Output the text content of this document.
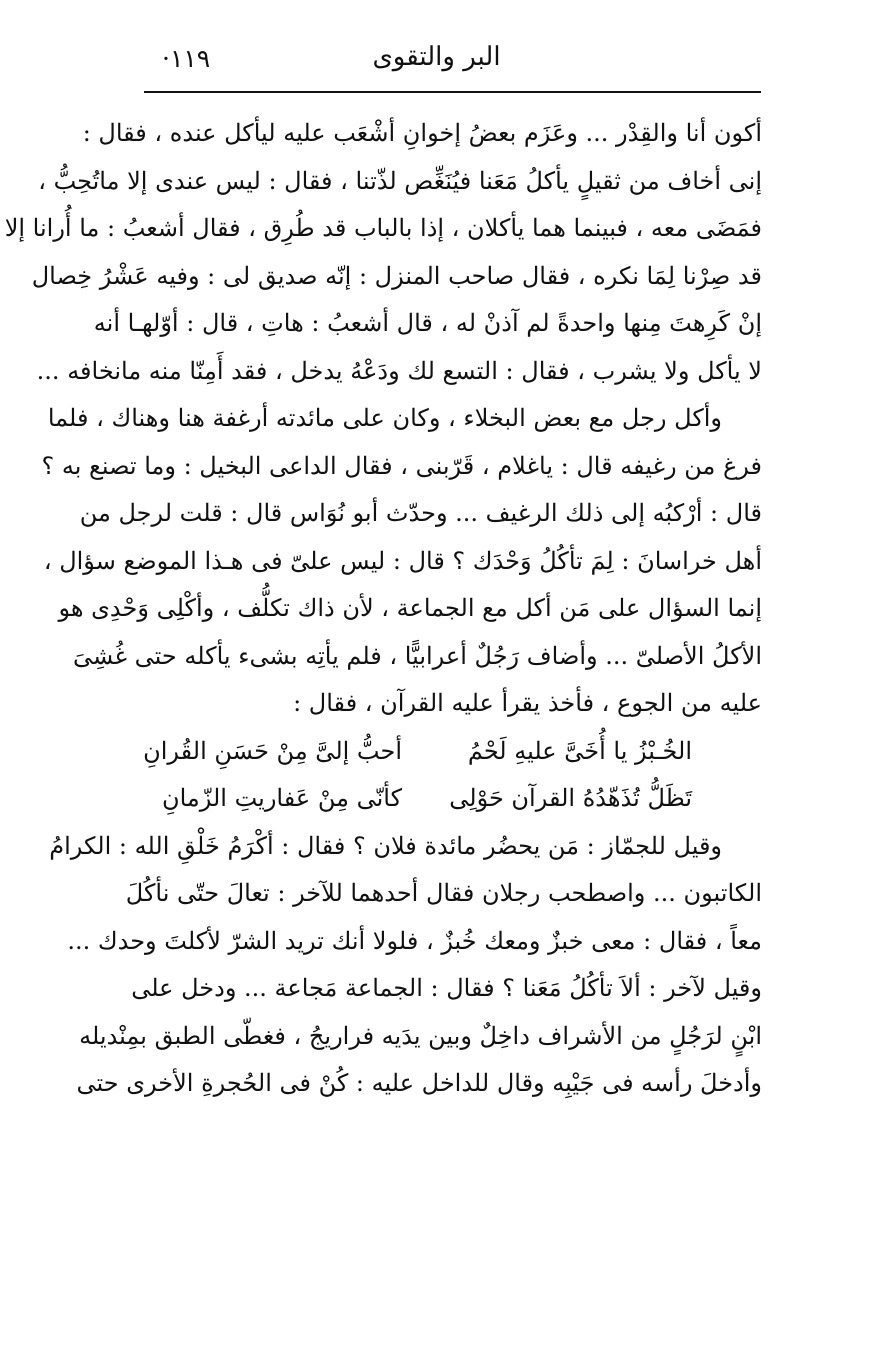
البر والتقوى
·١١٩
أكون أنا والقِدْر ... وعَزَم بعضُ إخوانِ أشْعَب عليه ليأكل عنده ، فقال :
إنى أخاف من ثقيلٍ يأكلُ مَعَنا فيُنَغِّص لذّتنا ، فقال : ليس عندى إلا ماتُحِبُّ ،
فمَضَى معه ، فبينما هما يأكلان ، إذا بالباب قد طُرِق ، فقال أشعبُ : ما أُرانا إلا
قد صِرْنا لِمَا نكره ، فقال صاحب المنزل : إنّه صديق لى : وفيه عَشْرُ خِصال
إنْ كَرِهتَ مِنها واحدةً لم آذنْ له ، قال أشعبُ : هاتِ ، قال : أوّلهـا أنه
لا يأكل ولا يشرب ، فقال : التسع لك ودَعْهُ يدخل ، فقد أَمِنّا منه مانخافه ...
وأكل رجل مع بعض البخلاء ، وكان على مائدته أرغفة هنا وهناك ، فلما
فرغ من رغيفه قال : ياغلام ، قَرّبنى ، فقال الداعى البخيل : وما تصنع به ؟
قال : أرْكبُه إلى ذلك الرغيف ... وحدّث أبو نُوَاس قال : قلت لرجل من
أهل خراسانَ : لِمَ تأكُلُ وَحْدَك ؟ قال : ليس علىّ فى هـذا الموضع سؤال ،
إنما السؤال على مَن أكل مع الجماعة ، لأن ذاك تكلُّف ، وأكْلِى وَحْدِى هو
الأكلُ الأصلىّ ... وأضاف رَجُلٌ أعرابيًّا ، فلم يأتِه بشىء يأكله حتى غُشِىَ
عليه من الجوع ، فأخذ يقرأ عليه القرآن ، فقال :
الخُـبْزُ يا أُخَىَّ عليهِ لَحْمُ
أحبُّ إلىَّ مِنْ حَسَنِ القُرانِ
تَظَلُّ تُذَهّدُهُ القرآن حَوْلِى
كأنّى مِنْ عَفاريتِ الزّمانِ
وقيل للجمّاز : مَن يحضُر مائدة فلان ؟ فقال : أكْرَمُ خَلْقِ الله : الكرامُ
الكاتبون ... واصطحب رجلان فقال أحدهما للآخر : تعالَ حتّى نأكُلَ
معاً ، فقال : معى خبزٌ ومعك خُبزٌ ، فلولا أنك تريد الشرّ لأكلتَ وحدك ...
وقيل لآخر : ألاَ تأكُلُ مَعَنا ؟ فقال : الجماعة مَجاعة ... ودخل على
ابْنٍ لرَجُلٍ من الأشراف داخِلٌ وبين يدَيه فراريجُ ، فغطّى الطبق بمِنْديله
وأدخلَ رأسه فى جَيْبِه وقال للداخل عليه : كُنْ فى الحُجرةِ الأخرى حتى
